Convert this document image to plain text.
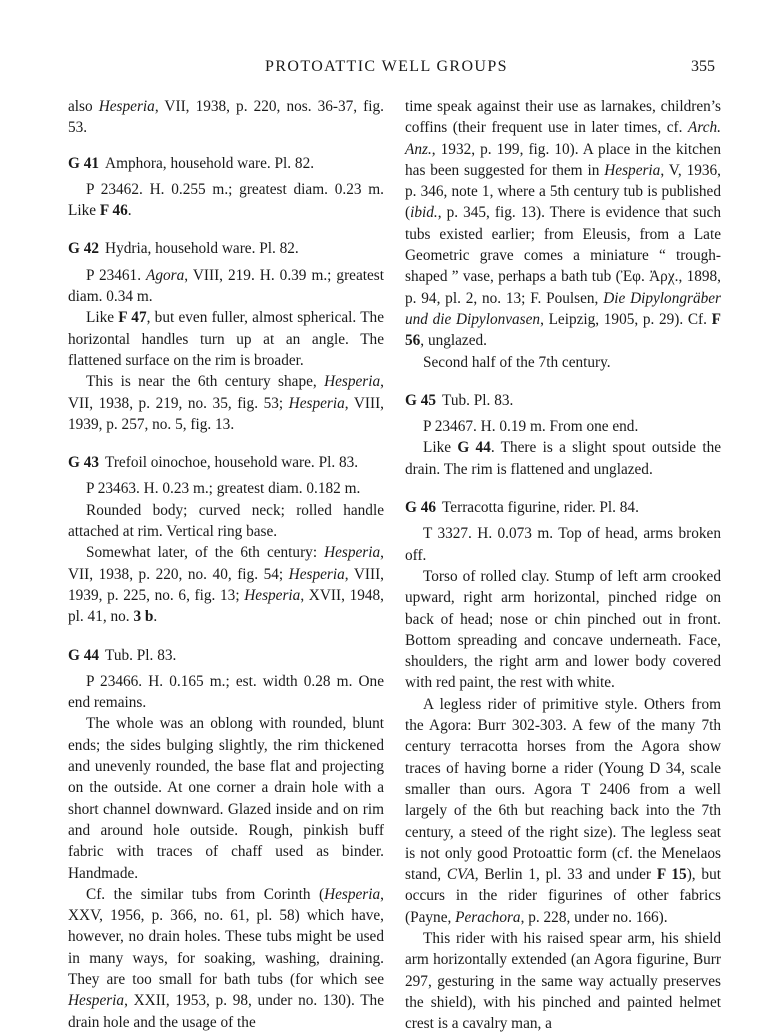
PROTOATTIC WELL GROUPS	355

also Hesperia, VII, 1938, p. 220, nos. 36-37, fig. 53.

G 41 Amphora, household ware. Pl. 82.

P 23462. H. 0.255 m.; greatest diam. 0.23 m. Like F 46.

G 42 Hydria, household ware. Pl. 82.

P 23461. Agora, VIII, 219. H. 0.39 m.; greatest diam. 0.34 m.

Like F 47, but even fuller, almost spherical. The horizontal handles turn up at an angle. The flattened surface on the rim is broader.

This is near the 6th century shape, Hesperia, VII, 1938, p. 219, no. 35, fig. 53; Hesperia, VIII, 1939, p. 257, no. 5, fig. 13.

G 43 Trefoil oinochoe, household ware. Pl. 83.

P 23463. H. 0.23 m.; greatest diam. 0.182 m.

Rounded body; curved neck; rolled handle attached at rim. Vertical ring base.

Somewhat later, of the 6th century: Hesperia, VII, 1938, p. 220, no. 40, fig. 54; Hesperia, VIII, 1939, p. 225, no. 6, fig. 13; Hesperia, XVII, 1948, pl. 41, no. 3 b.

G 44 Tub. Pl. 83.

P 23466. H. 0.165 m.; est. width 0.28 m. One end remains.

The whole was an oblong with rounded, blunt ends; the sides bulging slightly, the rim thickened and unevenly rounded, the base flat and projecting on the outside. At one corner a drain hole with a short channel downward. Glazed inside and on rim and around hole outside. Rough, pinkish buff fabric with traces of chaff used as binder. Handmade.

Cf. the similar tubs from Corinth (Hesperia, XXV, 1956, p. 366, no. 61, pl. 58) which have, however, no drain holes. These tubs might be used in many ways, for soaking, washing, draining. They are too small for bath tubs (for which see Hesperia, XXII, 1953, p. 98, under no. 130). The drain hole and the usage of the

time speak against their use as larnakes, children’s coffins (their frequent use in later times, cf. Arch. Anz., 1932, p. 199, fig. 10). A place in the kitchen has been suggested for them in Hesperia, V, 1936, p. 346, note 1, where a 5th century tub is published (ibid., p. 345, fig. 13). There is evidence that such tubs existed earlier; from Eleusis, from a Late Geometric grave comes a miniature “ trough-shaped ” vase, perhaps a bath tub (Ἐφ. Ἀρχ., 1898, p. 94, pl. 2, no. 13; F. Poulsen, Die Dipylongräber und die Dipylonvasen, Leipzig, 1905, p. 29). Cf. F 56, unglazed.

Second half of the 7th century.

G 45 Tub. Pl. 83.

P 23467. H. 0.19 m. From one end.

Like G 44. There is a slight spout outside the drain. The rim is flattened and unglazed.

G 46 Terracotta figurine, rider. Pl. 84.

T 3327. H. 0.073 m. Top of head, arms broken off.

Torso of rolled clay. Stump of left arm crooked upward, right arm horizontal, pinched ridge on back of head; nose or chin pinched out in front. Bottom spreading and concave underneath. Face, shoulders, the right arm and lower body covered with red paint, the rest with white.

A legless rider of primitive style. Others from the Agora: Burr 302-303. A few of the many 7th century terracotta horses from the Agora show traces of having borne a rider (Young D 34, scale smaller than ours. Agora T 2406 from a well largely of the 6th but reaching back into the 7th century, a steed of the right size). The legless seat is not only good Protoattic form (cf. the Menelaos stand, CVA, Berlin 1, pl. 33 and under F 15), but occurs in the rider figurines of other fabrics (Payne, Perachora, p. 228, under no. 166).

This rider with his raised spear arm, his shield arm horizontally extended (an Agora figurine, Burr 297, gesturing in the same way actually preserves the shield), with his pinched and painted helmet crest is a cavalry man, a
